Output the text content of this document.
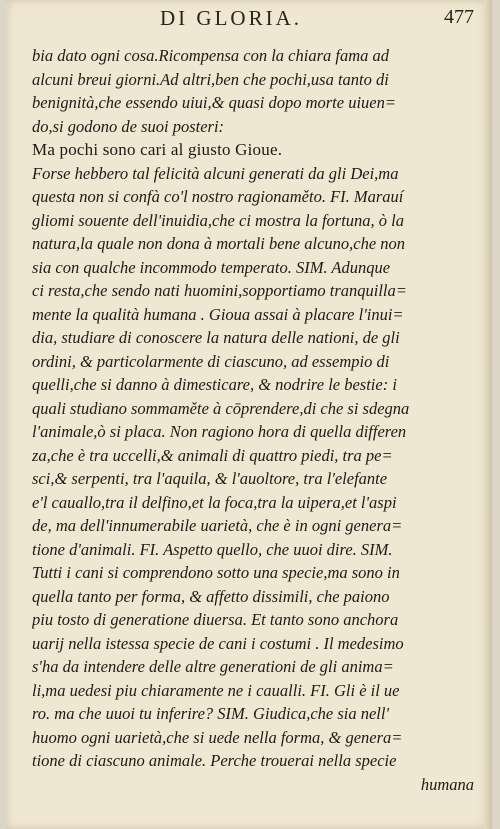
DI GLORIA.	477
bia dato ogni cosa.Ricompensa con la chiara fama ad
alcuni breui giorni.Ad altri,ben che pochi,usa tanto di
benignità,che essendo uiui,& quasi dopo morte uiuen=
do,si godono de suoi posteri:
Ma pochi sono cari al giusto Gioue.
Forse hebbero tal felicità alcuni generati da gli Dei,ma
questa non si confà co'l nostro ragionaměto. FI. Marauí
gliomi souente dell'inuidia,che ci mostra la fortuna, ò la
natura,la quale non dona à mortali bene alcuno,che non
sia con qualche incommodo temperato. SIM. Adunque
ci resta,che sendo nati huomini,sopportiamo tranquilla=
mente la qualità humana . Gioua assai à placare l'inui=
dia, studiare di conoscere la natura delle nationi, de gli
ordini, & particolarmente di ciascuno, ad essempio di
quelli,che si danno à dimesticare, & nodrire le bestie: i
quali studiano sommaměte à cōprendere,di che si sdegna
l'animale,ò si placa. Non ragiono hora di quella differen
za,che è tra uccelli,& animali di quattro piedi, tra pe=
sci,& serpenti, tra l'aquila, & l'auoltore, tra l'elefante
e'l cauallo,tra il delfino,et la foca,tra la uipera,et l'aspi
de, ma dell'innumerabile uarietà, che è in ogni genera=
tione d'animali. FI. Aspetto quello, che uuoi dire. SIM.
Tutti i cani si comprendono sotto una specie,ma sono in
quella tanto per forma, & affetto dissimili, che paiono
piu tosto di generatione diuersa. Et tanto sono anchora
uarij nella istessa specie de cani i costumi . Il medesimo
s'ha da intendere delle altre generationi de gli anima=
li,ma uedesi piu chiaramente ne i caualli. FI. Gli è il ue
ro. ma che uuoi tu inferire? SIM. Giudica,che sia nell'
huomo ogni uarietà,che si uede nella forma, & genera=
tione di ciascuno animale. Perche trouerai nella specie
humana
